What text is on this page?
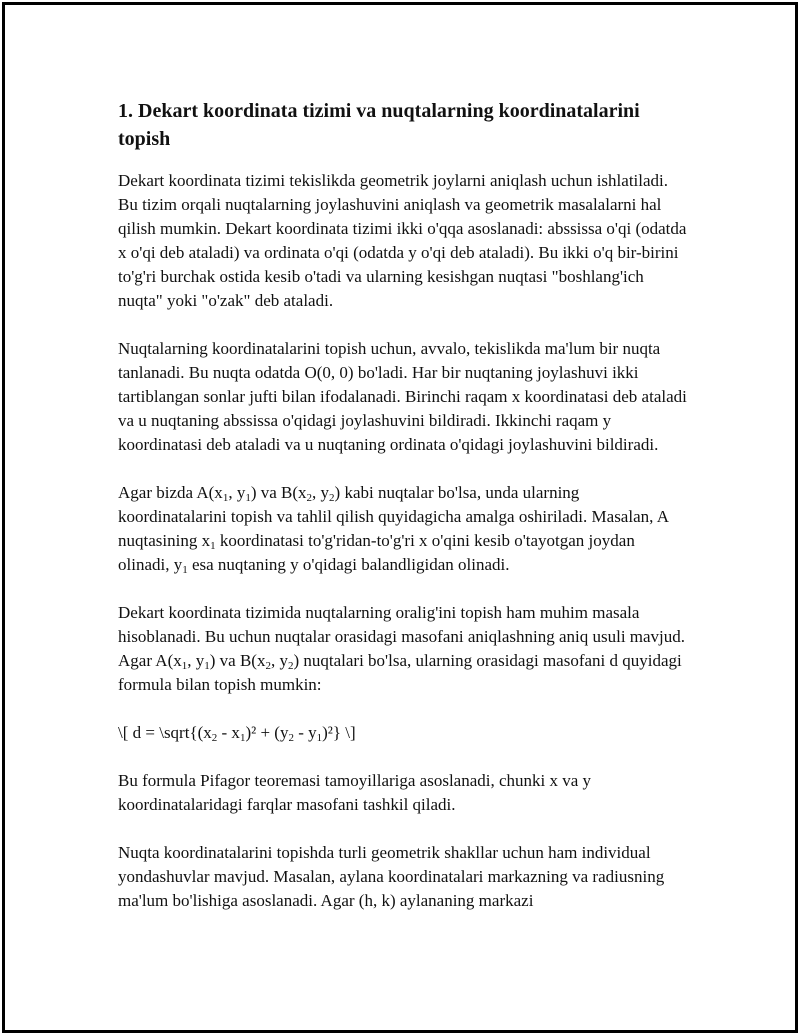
1. Dekart koordinata tizimi va nuqtalarning koordinatalarini topish

Dekart koordinata tizimi tekislikda geometrik joylarni aniqlash uchun ishlatiladi. Bu tizim orqali nuqtalarning joylashuvini aniqlash va geometrik masalalarni hal qilish mumkin. Dekart koordinata tizimi ikki o'qqa asoslanadi: abssissa o'qi (odatda x o'qi deb ataladi) va ordinata o'qi (odatda y o'qi deb ataladi). Bu ikki o'q bir-birini to'g'ri burchak ostida kesib o'tadi va ularning kesishgan nuqtasi "boshlang'ich nuqta" yoki "o'zak" deb ataladi.

Nuqtalarning koordinatalarini topish uchun, avvalo, tekislikda ma'lum bir nuqta tanlanadi. Bu nuqta odatda O(0, 0) bo'ladi. Har bir nuqtaning joylashuvi ikki tartiblangan sonlar jufti bilan ifodalanadi. Birinchi raqam x koordinatasi deb ataladi va u nuqtaning abssissa o'qidagi joylashuvini bildiradi. Ikkinchi raqam y koordinatasi deb ataladi va u nuqtaning ordinata o'qidagi joylashuvini bildiradi.

Agar bizda $A(x_1$, $y_1$) va $B(x_2$, $y_2$) kabi nuqtalar bo'lsa, unda ularning koordinatalarini topish va tahlil qilish quyidagicha amalga oshiriladi. Masalan, A nuqtasining $x_1$ koordinatasi to'g'ridan-to'g'ri x o'qini kesib o'tayotgan joydan olinadi, $y_1$ esa nuqtaning y o'qidagi balandligidan olinadi.

Dekart koordinata tizimida nuqtalarning oralig'ini topish ham muhim masala hisoblanadi. Bu uchun nuqtalar orasidagi masofani aniqlashning aniq usuli mavjud. Agar $A(x_1$, $y_1$) va $B(x_2$, $y_2$) nuqtalari bo'lsa, ularning orasidagi masofani d quyidagi formula bilan topish mumkin:

\[ $d = \backslash sqrt\{(x_2 - x_1)^2 + (y_2 - y_1)^2\}$ \]

Bu formula Pifagor teoremasi tamoyillariga asoslanadi, chunki x va y koordinatalaridagi farqlar masofani tashkil qiladi.

Nuqta koordinatalarini topishda turli geometrik shakllar uchun ham individual yondashuvlar mavjud. Masalan, aylana koordinatalari markazning va radiusning ma'lum bo'lishiga asoslanadi. Agar (h, k) aylananing markazi
